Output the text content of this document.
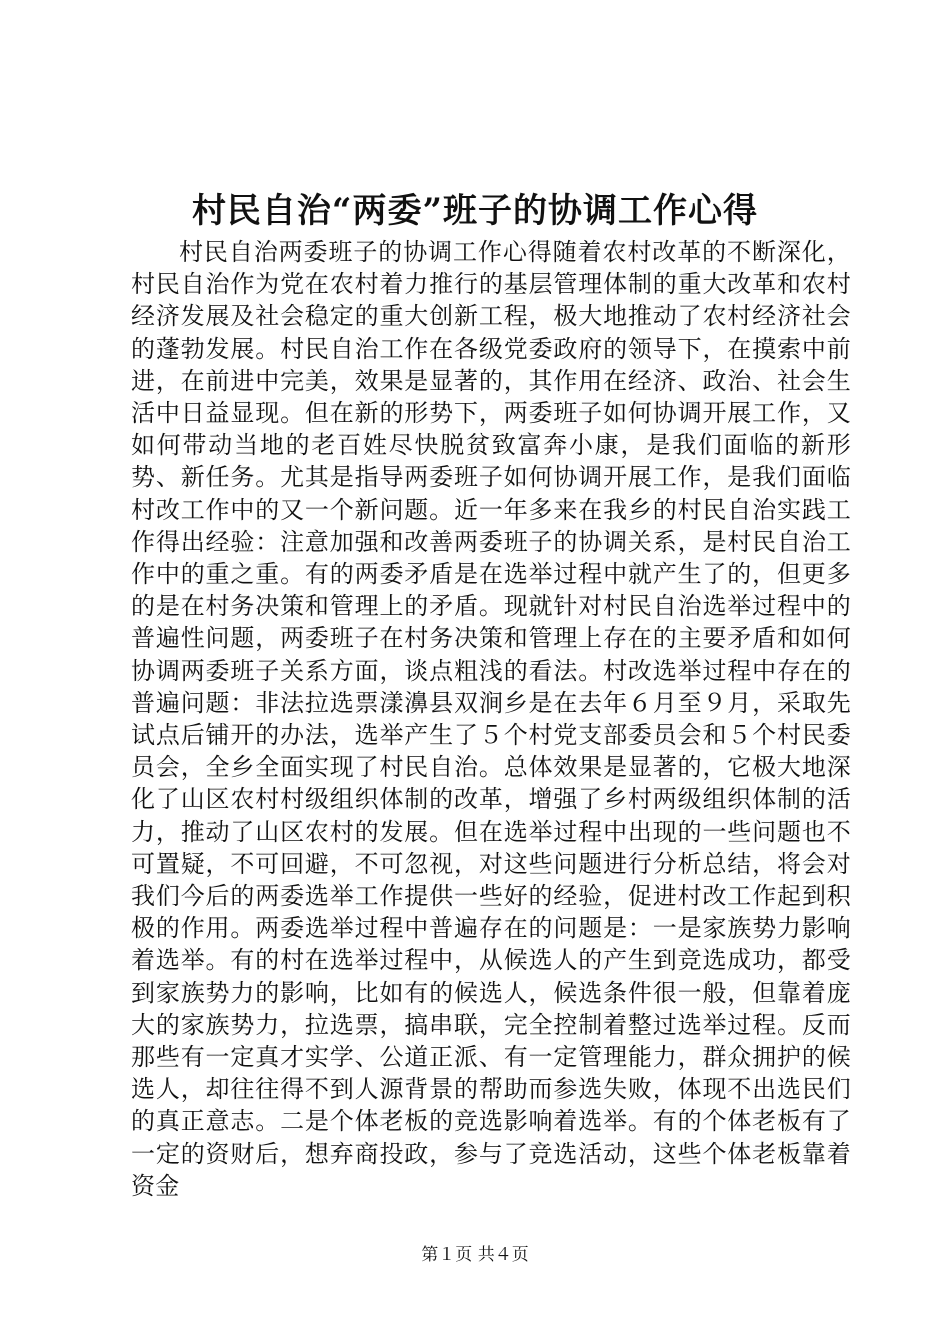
村民自治“两委”班子的协调工作心得

村民自治两委班子的协调工作心得随着农村改革的不断深化，村民自治作为党在农村着力推行的基层管理体制的重大改革和农村经济发展及社会稳定的重大创新工程，极大地推动了农村经济社会的蓬勃发展。村民自治工作在各级党委政府的领导下，在摸索中前进，在前进中完美，效果是显著的，其作用在经济、政治、社会生活中日益显现。但在新的形势下，两委班子如何协调开展工作，又如何带动当地的老百姓尽快脱贫致富奔小康，是我们面临的新形势、新任务。尤其是指导两委班子如何协调开展工作，是我们面临村改工作中的又一个新问题。近一年多来在我乡的村民自治实践工作得出经验：注意加强和改善两委班子的协调关系，是村民自治工作中的重之重。有的两委矛盾是在选举过程中就产生了的，但更多的是在村务决策和管理上的矛盾。现就针对村民自治选举过程中的普遍性问题，两委班子在村务决策和管理上存在的主要矛盾和如何协调两委班子关系方面，谈点粗浅的看法。村改选举过程中存在的普遍问题：非法拉选票漾濞县双涧乡是在去年６月至９月，采取先试点后铺开的办法，选举产生了５个村党支部委员会和５个村民委员会，全乡全面实现了村民自治。总体效果是显著的，它极大地深化了山区农村村级组织体制的改革，增强了乡村两级组织体制的活力，推动了山区农村的发展。但在选举过程中出现的一些问题也不可置疑，不可回避，不可忽视，对这些问题进行分析总结，将会对我们今后的两委选举工作提供一些好的经验，促进村改工作起到积极的作用。两委选举过程中普遍存在的问题是：一是家族势力影响着选举。有的村在选举过程中，从候选人的产生到竞选成功，都受到家族势力的影响，比如有的候选人，候选条件很一般，但靠着庞大的家族势力，拉选票，搞串联，完全控制着整过选举过程。反而那些有一定真才实学、公道正派、有一定管理能力，群众拥护的候选人，却往往得不到人源背景的帮助而参选失败，体现不出选民们的真正意志。二是个体老板的竞选影响着选举。有的个体老板有了一定的资财后，想弃商投政，参与了竞选活动，这些个体老板靠着资金

第１页 共４页
